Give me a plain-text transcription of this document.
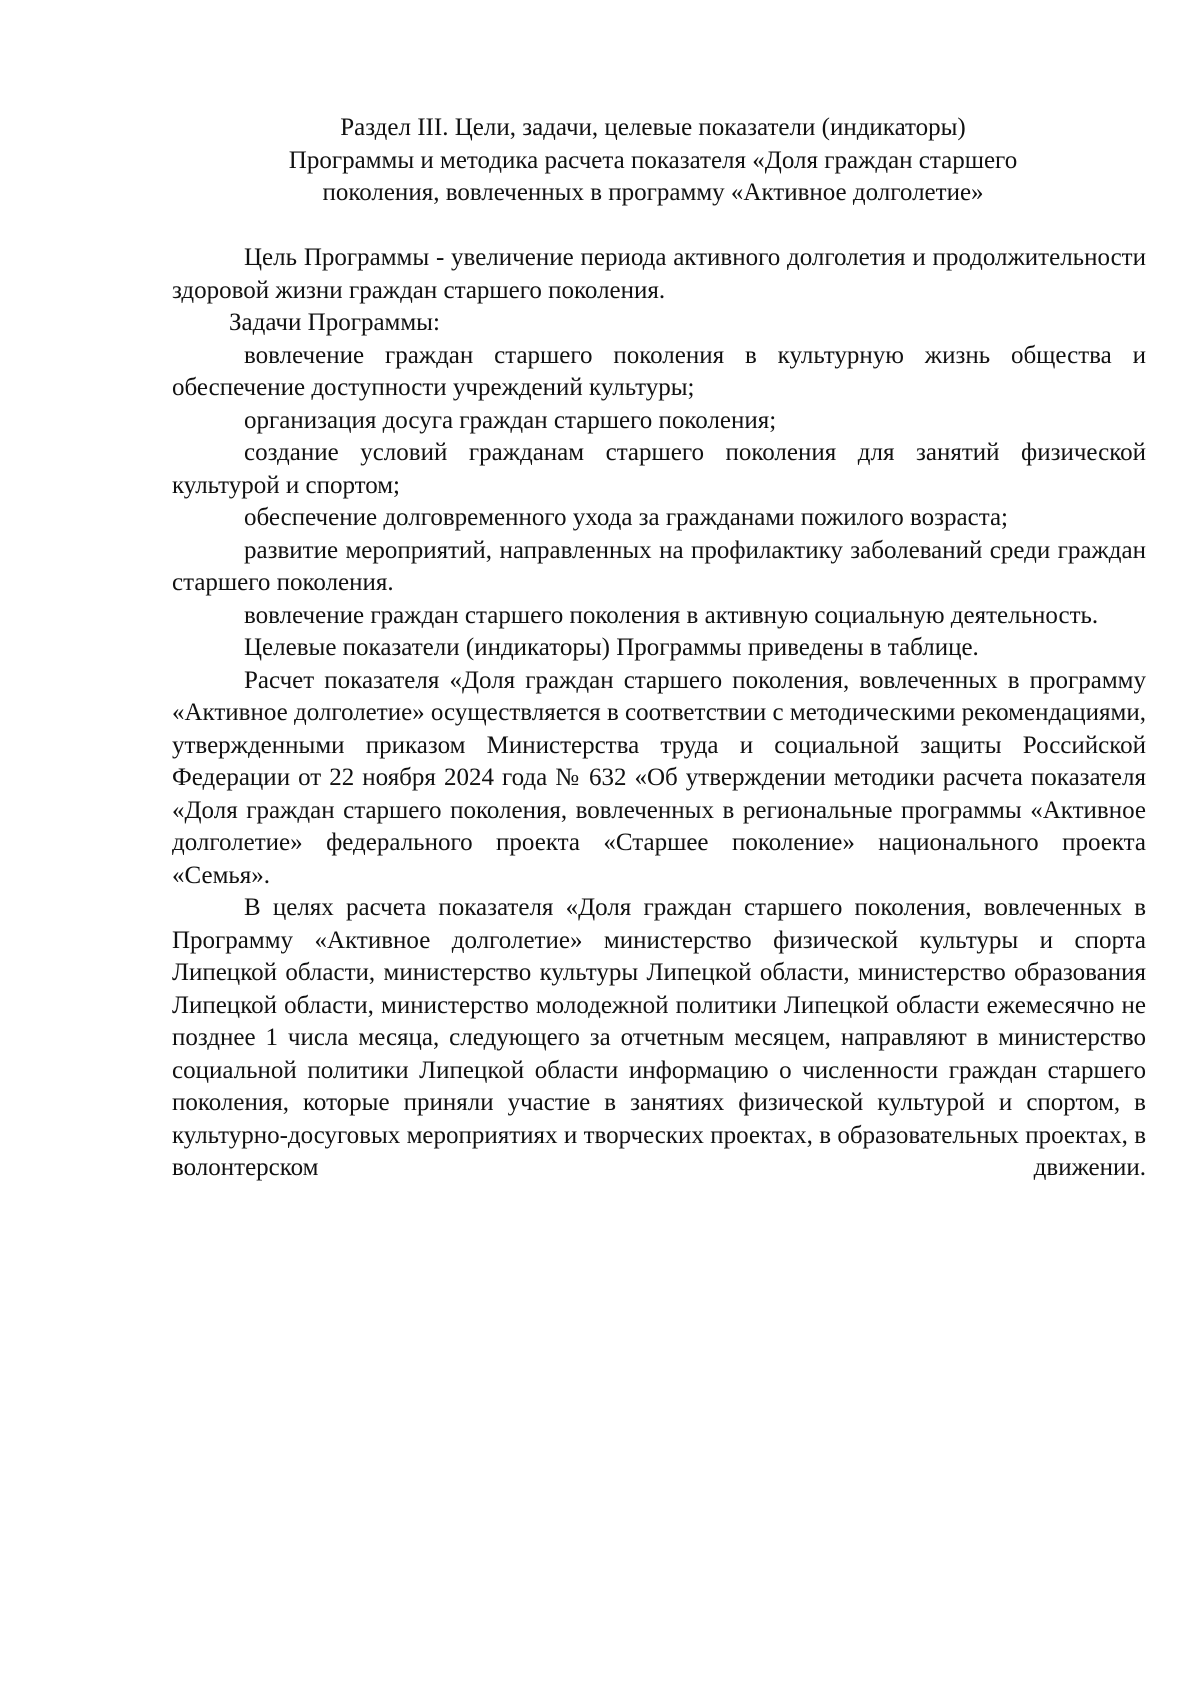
Раздел III. Цели, задачи, целевые показатели (индикаторы)
Программы и методика расчета показателя «Доля граждан старшего
поколения, вовлеченных в программу «Активное долголетие»

Цель Программы - увеличение периода активного долголетия и продолжительности здоровой жизни граждан старшего поколения.

Задачи Программы:

вовлечение граждан старшего поколения в культурную жизнь общества и обеспечение доступности учреждений культуры;

организация досуга граждан старшего поколения;

создание условий гражданам старшего поколения для занятий физической культурой и спортом;

обеспечение долговременного ухода за гражданами пожилого возраста;

развитие мероприятий, направленных на профилактику заболеваний среди граждан старшего поколения.

вовлечение граждан старшего поколения в активную социальную деятельность.

Целевые показатели (индикаторы) Программы приведены в таблице.

Расчет показателя «Доля граждан старшего поколения, вовлеченных в программу «Активное долголетие» осуществляется в соответствии с методическими рекомендациями, утвержденными приказом Министерства труда и социальной защиты Российской Федерации от 22 ноября 2024 года № 632 «Об утверждении методики расчета показателя «Доля граждан старшего поколения, вовлеченных в региональные программы «Активное долголетие» федерального проекта «Старшее поколение» национального проекта «Семья».

В целях расчета показателя «Доля граждан старшего поколения, вовлеченных в Программу «Активное долголетие» министерство физической культуры и спорта Липецкой области, министерство культуры Липецкой области, министерство образования Липецкой области, министерство молодежной политики Липецкой области ежемесячно не позднее 1 числа месяца, следующего за отчетным месяцем, направляют в министерство социальной политики Липецкой области информацию о численности граждан старшего поколения, которые приняли участие в занятиях физической культурой и спортом, в культурно-досуговых мероприятиях и творческих проектах, в образовательных проектах, в волонтерском движении.
